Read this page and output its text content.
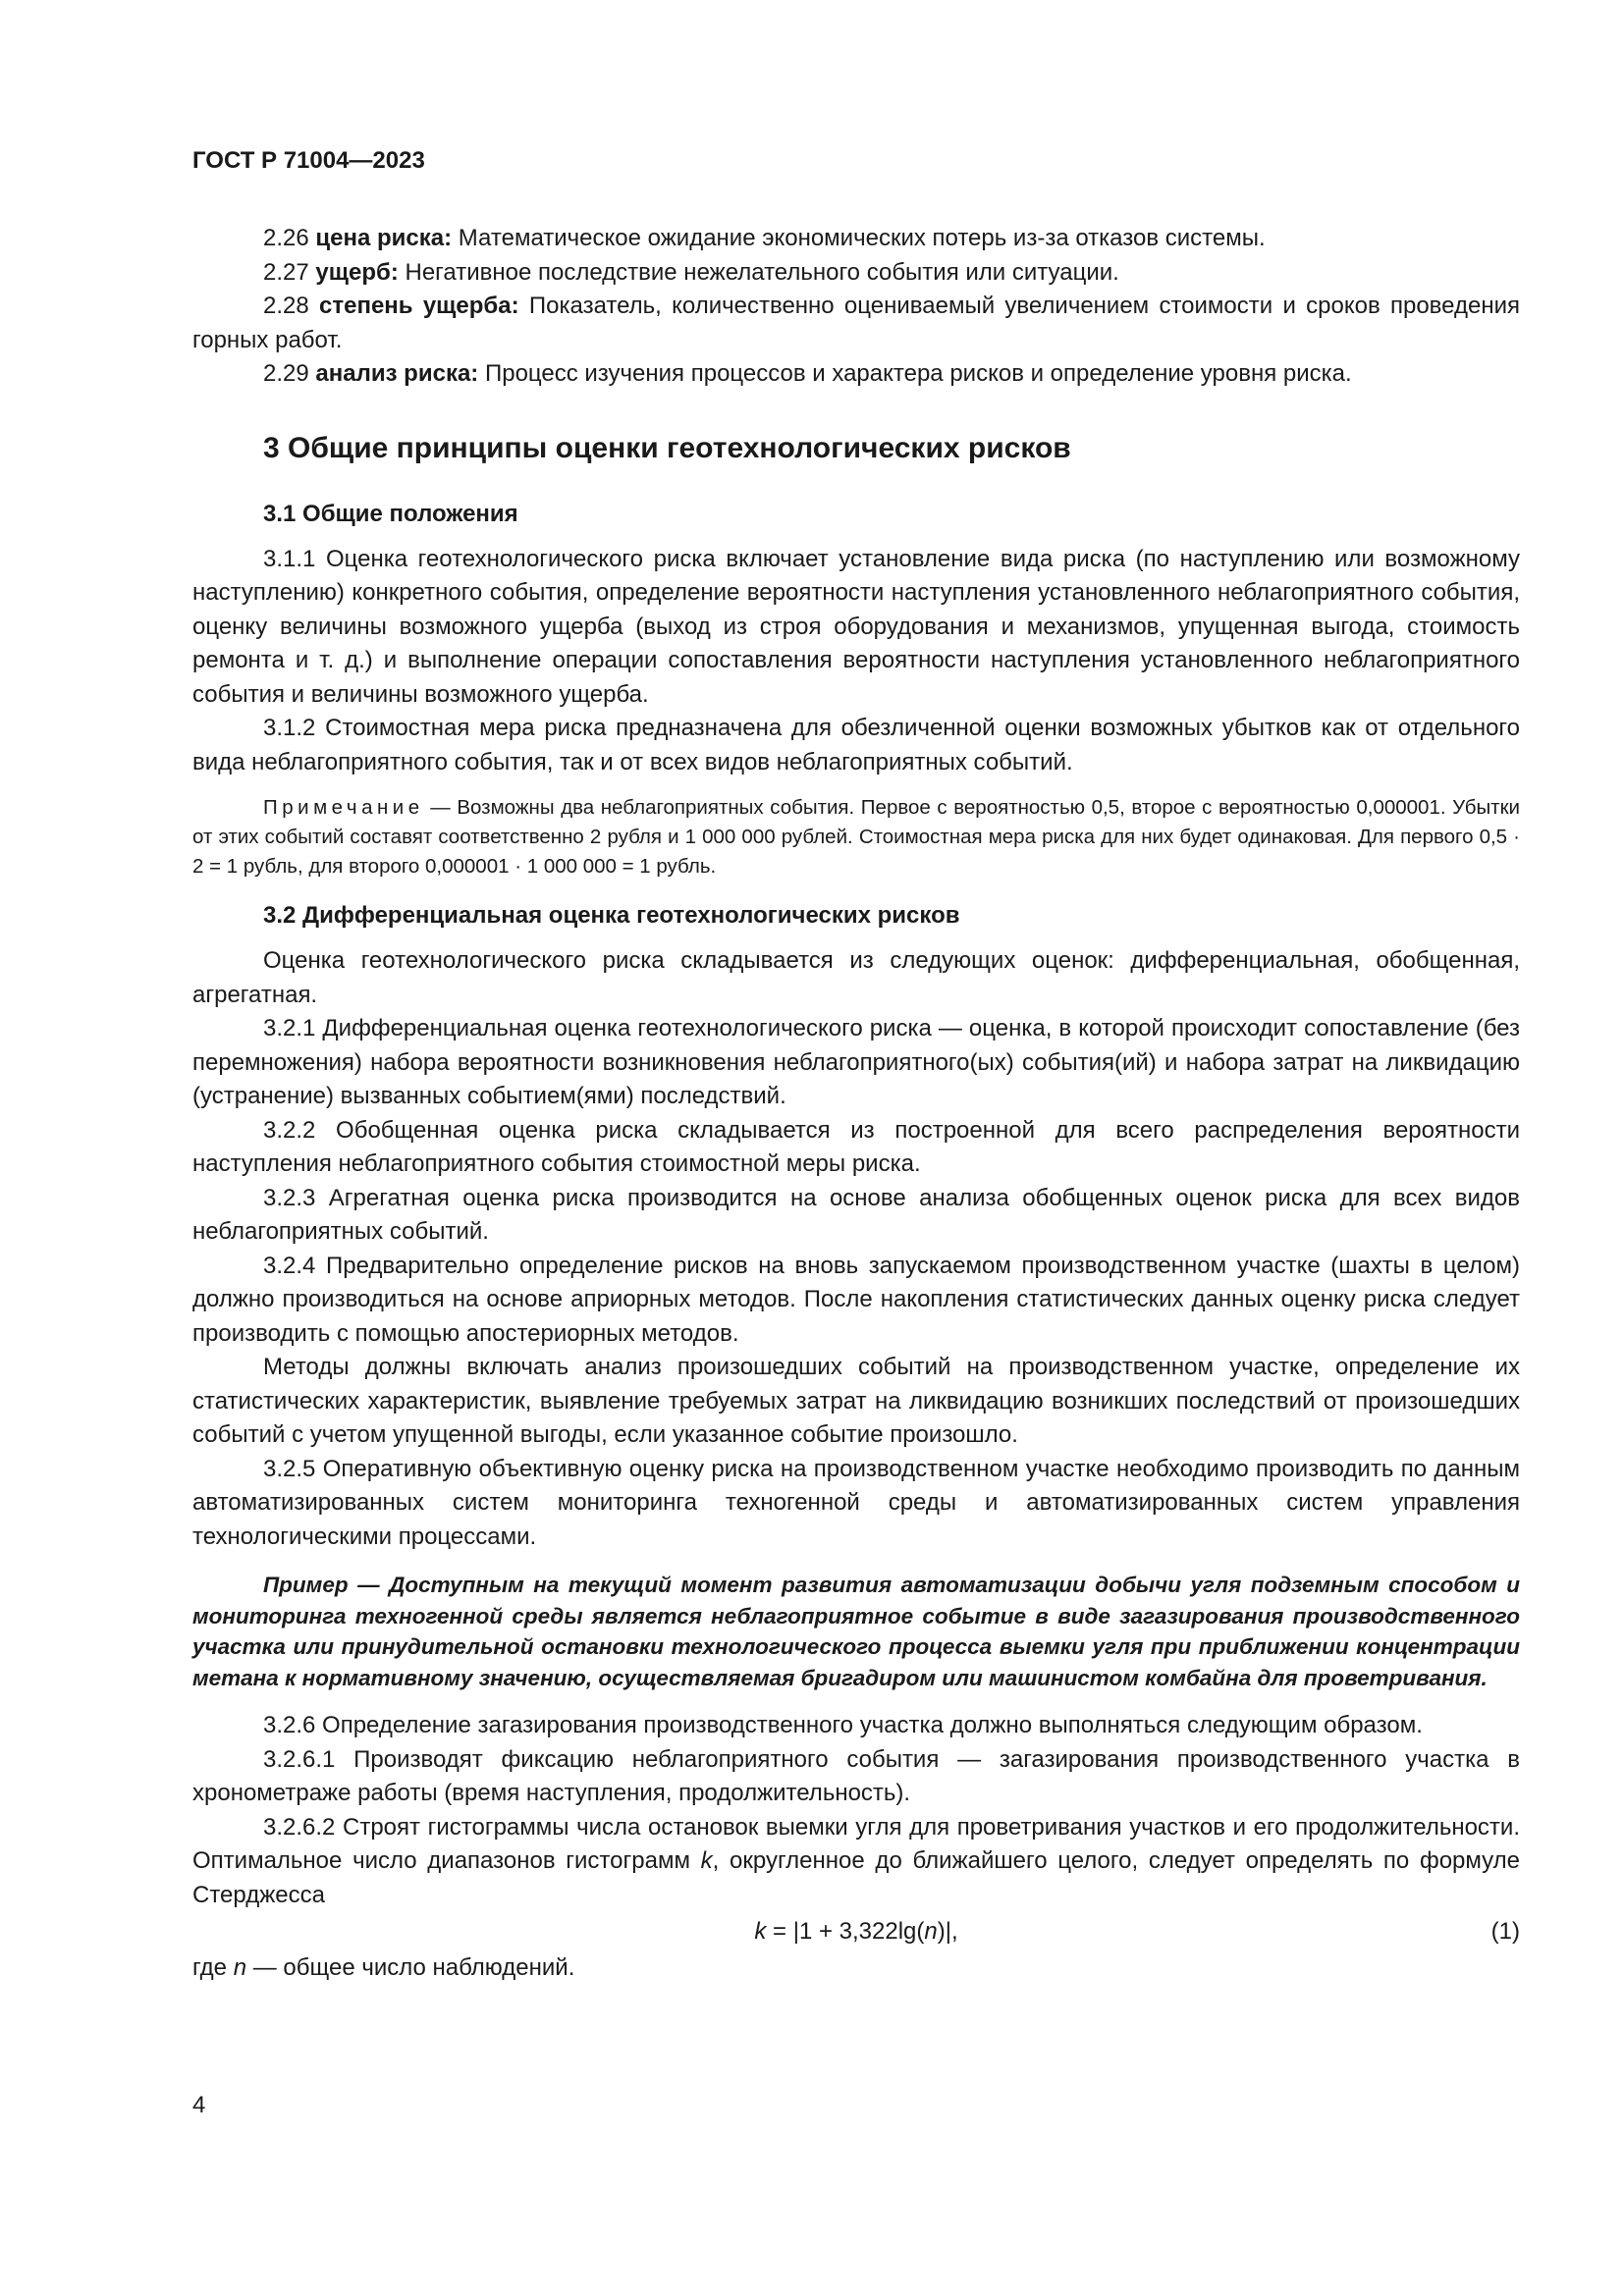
ГОСТ Р 71004—2023

2.26 цена риска: Математическое ожидание экономических потерь из-за отказов системы.

2.27 ущерб: Негативное последствие нежелательного события или ситуации.

2.28 степень ущерба: Показатель, количественно оцениваемый увеличением стоимости и сроков проведения горных работ.

2.29 анализ риска: Процесс изучения процессов и характера рисков и определение уровня риска.

3 Общие принципы оценки геотехнологических рисков
3.1 Общие положения

3.1.1 Оценка геотехнологического риска включает установление вида риска (по наступлению или возможному наступлению) конкретного события, определение вероятности наступления установленного неблагоприятного события, оценку величины возможного ущерба (выход из строя оборудования и механизмов, упущенная выгода, стоимость ремонта и т. д.) и выполнение операции сопоставления вероятности наступления установленного неблагоприятного события и величины возможного ущерба.

3.1.2 Стоимостная мера риска предназначена для обезличенной оценки возможных убытков как от отдельного вида неблагоприятного события, так и от всех видов неблагоприятных событий.

Примечание — Возможны два неблагоприятных события. Первое с вероятностью 0,5, второе с вероятностью 0,000001. Убытки от этих событий составят соответственно 2 рубля и 1 000 000 рублей. Стоимостная мера риска для них будет одинаковая. Для первого 0,5 · 2 = 1 рубль, для второго 0,000001 · 1 000 000 = 1 рубль.
3.2 Дифференциальная оценка геотехнологических рисков

Оценка геотехнологического риска складывается из следующих оценок: дифференциальная, обобщенная, агрегатная.

3.2.1 Дифференциальная оценка геотехнологического риска — оценка, в которой происходит сопоставление (без перемножения) набора вероятности возникновения неблагоприятного(ых) события(ий) и набора затрат на ликвидацию (устранение) вызванных событием(ями) последствий.

3.2.2 Обобщенная оценка риска складывается из построенной для всего распределения вероятности наступления неблагоприятного события стоимостной меры риска.

3.2.3 Агрегатная оценка риска производится на основе анализа обобщенных оценок риска для всех видов неблагоприятных событий.

3.2.4 Предварительно определение рисков на вновь запускаемом производственном участке (шахты в целом) должно производиться на основе априорных методов. После накопления статистических данных оценку риска следует производить с помощью апостериорных методов.

Методы должны включать анализ произошедших событий на производственном участке, определение их статистических характеристик, выявление требуемых затрат на ликвидацию возникших последствий от произошедших событий с учетом упущенной выгоды, если указанное событие произошло.

3.2.5 Оперативную объективную оценку риска на производственном участке необходимо производить по данным автоматизированных систем мониторинга техногенной среды и автоматизированных систем управления технологическими процессами.

Пример — Доступным на текущий момент развития автоматизации добычи угля подземным способом и мониторинга техногенной среды является неблагоприятное событие в виде загазирования производственного участка или принудительной остановки технологического процесса выемки угля при приближении концентрации метана к нормативному значению, осуществляемая бригадиром или машинистом комбайна для проветривания.

3.2.6 Определение загазирования производственного участка должно выполняться следующим образом.

3.2.6.1 Производят фиксацию неблагоприятного события — загазирования производственного участка в хронометраже работы (время наступления, продолжительность).

3.2.6.2 Строят гистограммы числа остановок выемки угля для проветривания участков и его продолжительности. Оптимальное число диапазонов гистограмм k, округленное до ближайшего целого, следует определять по формуле Стерджесса

k = |1 + 3,322lg(n)|,	(1)

где n — общее число наблюдений.

4
